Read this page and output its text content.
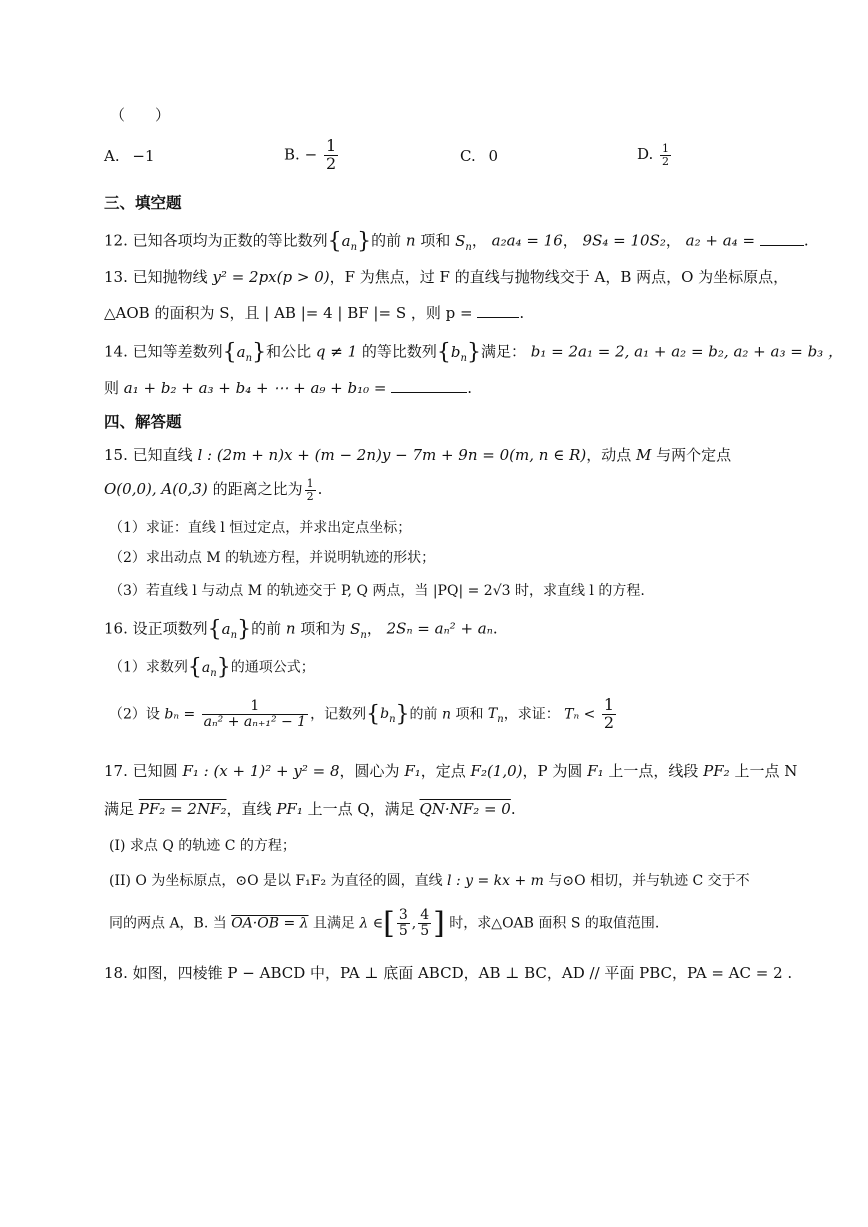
（　　）
A. −1	B. − $\frac{1}{2}$	C. 0	D. $\frac{1}{2}$
三、填空题
12. 已知各项均为正数的等比数列$\{a_n\}$的前 n 项和 $S_n$， a₂a₄ = 16， 9S₄ = 10S₂， a₂ + a₄ =	.
13. 已知抛物线 y² = 2px(p > 0)，F 为焦点，过 F 的直线与抛物线交于 A，B 两点，O 为坐标原点，
△AOB 的面积为 S，且 | AB |= 4 | BF |= S ，则 p =	.
14. 已知等差数列$\{a_n\}$和公比 q ≠ 1 的等比数列$\{b_n\}$满足： b₁ = 2a₁ = 2, a₁ + a₂ = b₂, a₂ + a₃ = b₃ ，
则 a₁ + b₂ + a₃ + b₄ + ⋯ + a₉ + b₁₀ =	.
四、解答题
15. 已知直线 l : (2m + n)x + (m − 2n)y − 7m + 9n = 0(m, n ∈ R)，动点 M 与两个定点
O(0,0), A(0,3) 的距离之比为 $\frac{1}{2}$ .
（1）求证：直线 l 恒过定点，并求出定点坐标；
（2）求出动点 M 的轨迹方程，并说明轨迹的形状；
（3）若直线 l 与动点 M 的轨迹交于 P, Q 两点，当 |PQ| = 2√3 时，求直线 l 的方程.
16. 设正项数列$\{a_n\}$的前 n 项和为 $S_n$， 2Sₙ = aₙ² + aₙ.
（1）求数列$\{a_n\}$的通项公式；
（2）设 $b_n = \frac{1}{\text{aₙ² + aₙ₊₁² − 1}}$ ，记数列$\{b_n\}$的前 n 项和 $T_n$，求证： $T_n < \frac{1}{2}$
17. 已知圆 F₁ : (x + 1)² + y² = 8，圆心为 F₁，定点 F₂(1,0)，P 为圆 F₁ 上一点，线段 PF₂ 上一点 N
满足 PF₂ = 2NF₂，直线 PF₁ 上一点 Q，满足 QN·NF₂ = 0.
(I) 求点 Q 的轨迹 C 的方程；
(II) O 为坐标原点，⊙O 是以 F₁F₂ 为直径的圆，直线 l : y = kx + m 与⊙O 相切，并与轨迹 C 交于不
同的两点 A，B. 当 OA·OB = λ 且满足 λ ∈[ $\frac{3}{5}$ , $\frac{4}{5}$ ] 时，求△OAB 面积 S 的取值范围.
18. 如图，四棱锥 P − ABCD 中，PA ⊥ 底面 ABCD，AB ⊥ BC，AD // 平面 PBC，PA = AC = 2 .
